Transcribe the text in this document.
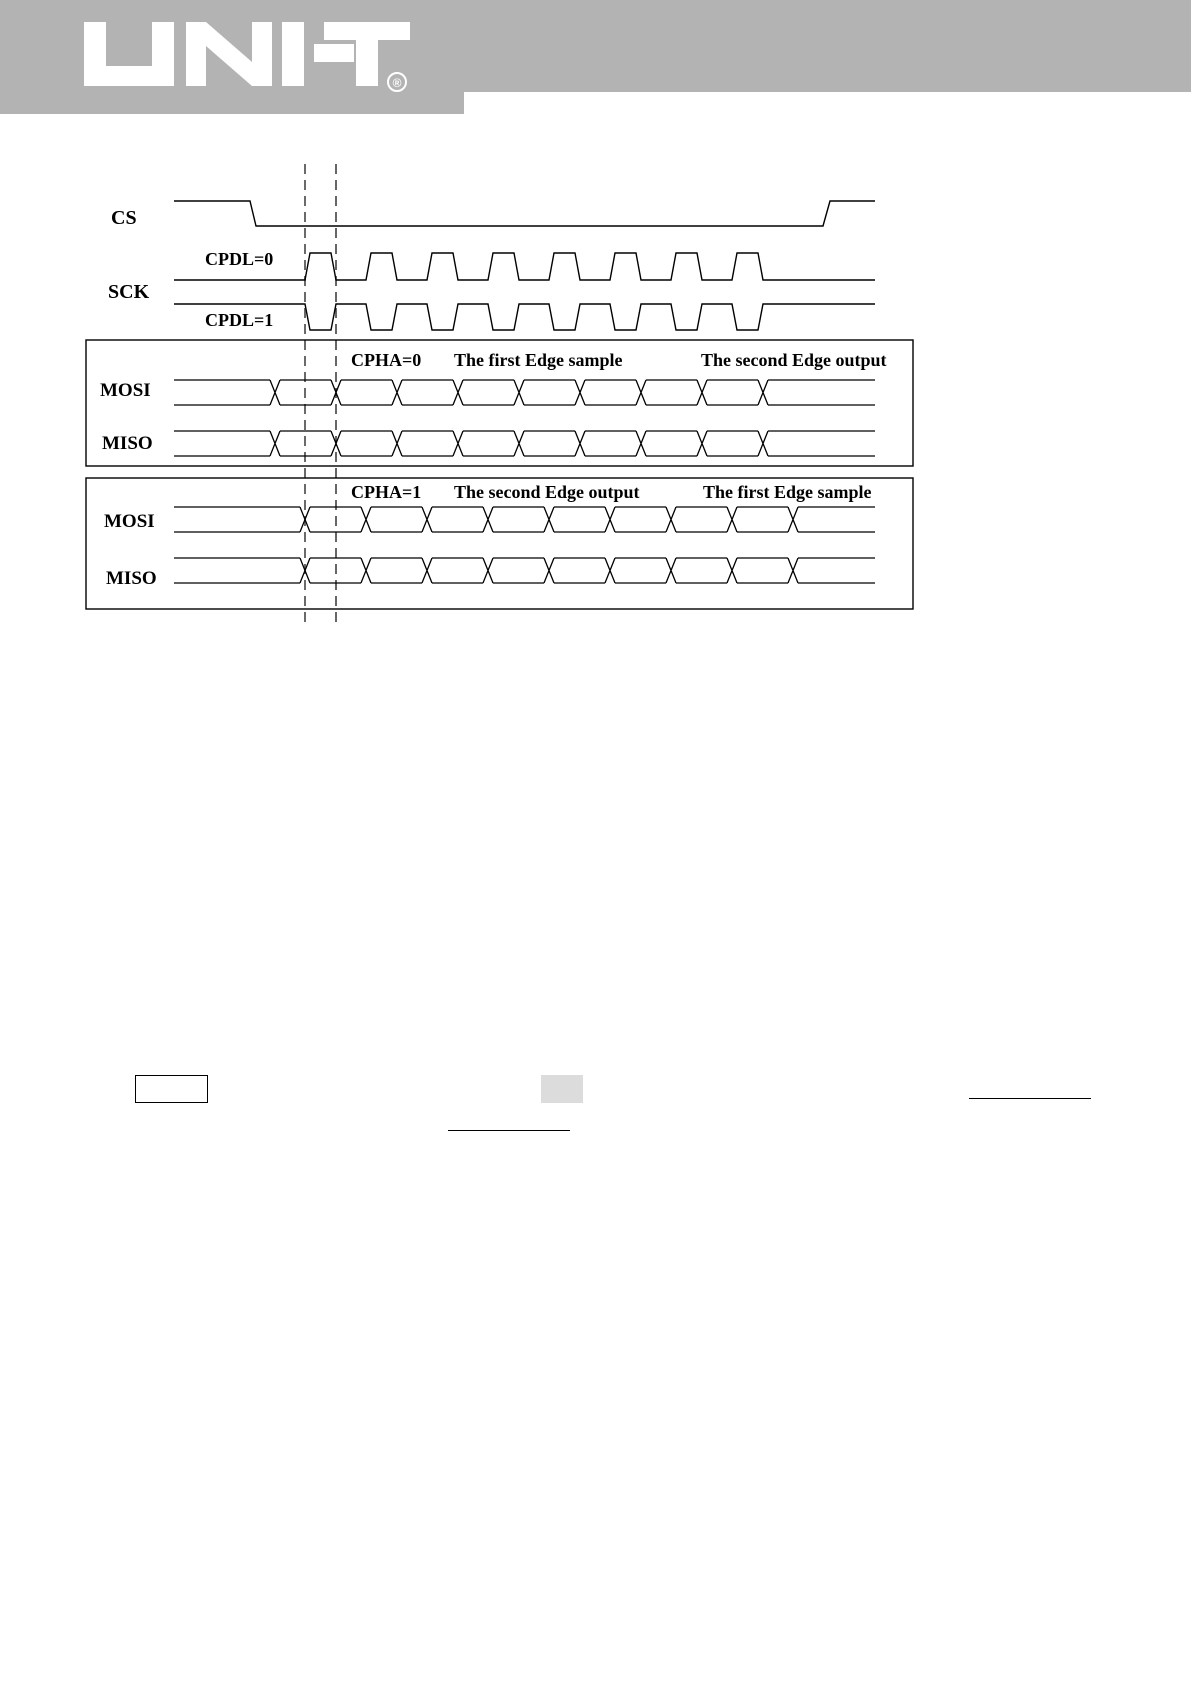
®
CS
CPDL=0
SCK
CPDL=1
CPHA=0 The first Edge sample	The second Edge output
MOSI
MISO
CPHA=1 The second Edge output	The first Edge sample
MOSI
MISO
